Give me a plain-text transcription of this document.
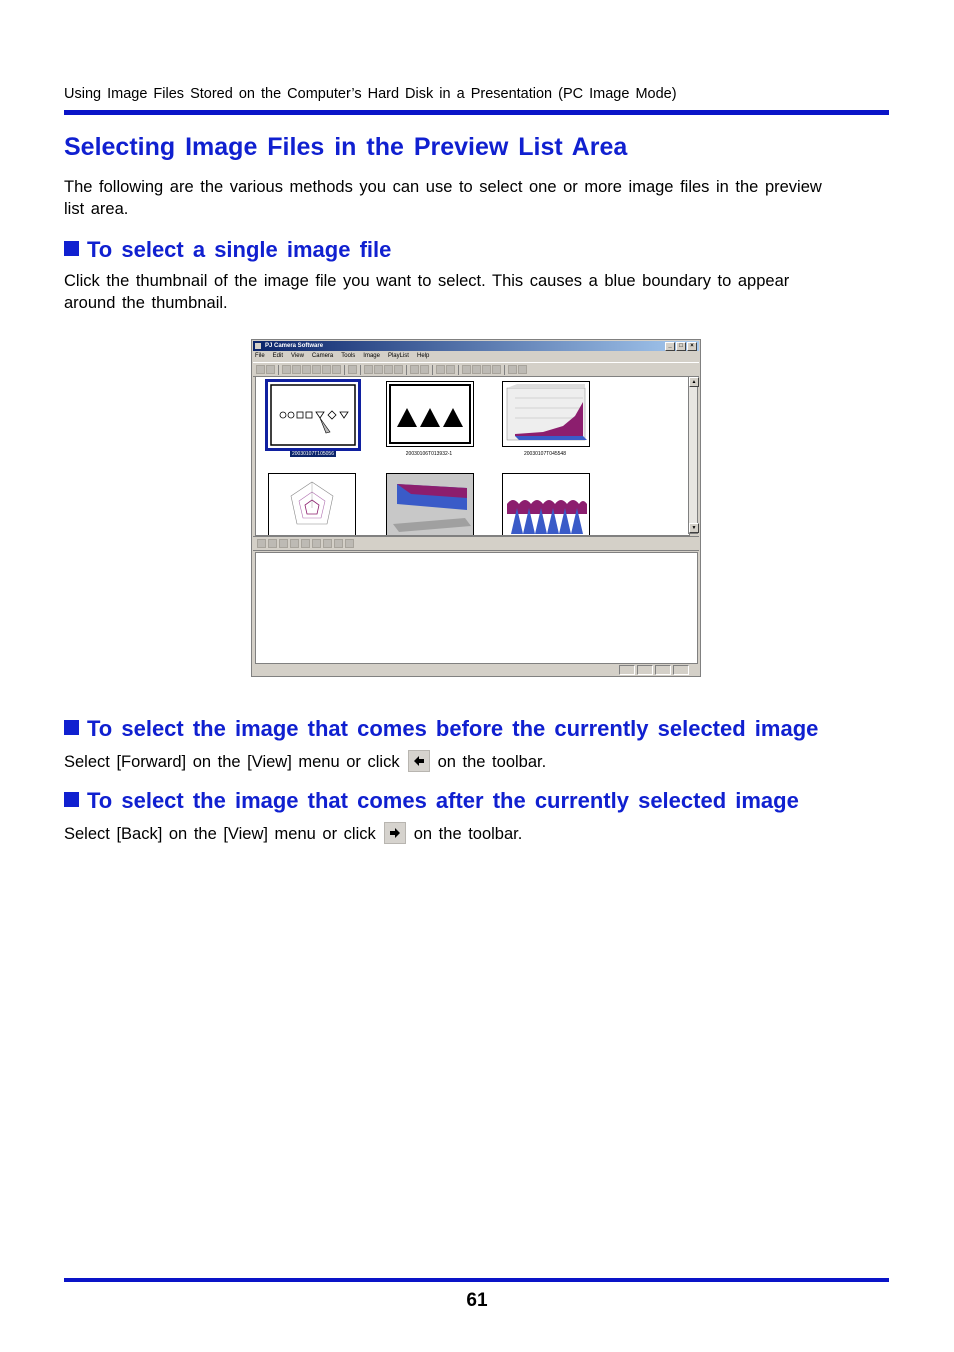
Using Image Files Stored on the Computer’s Hard Disk in a Presentation (PC Image Mode)
Selecting Image Files in the Preview List Area
The following are the various methods you can use to select one or more image files in the preview list area.
To select a single image file
Click the thumbnail of the image file you want to select. This causes a blue boundary to appear around the thumbnail.
PJ Camera Software	_	□	×
File Edit View Camera Tools Image PlayList Help
20030107T105056	20030106T013932-1	20030107T045548
▲
▼
To select the image that comes before the currently selected image
Select [Forward] on the [View] menu or click on the toolbar.
To select the image that comes after the currently selected image
Select [Back] on the [View] menu or click on the toolbar.
61
